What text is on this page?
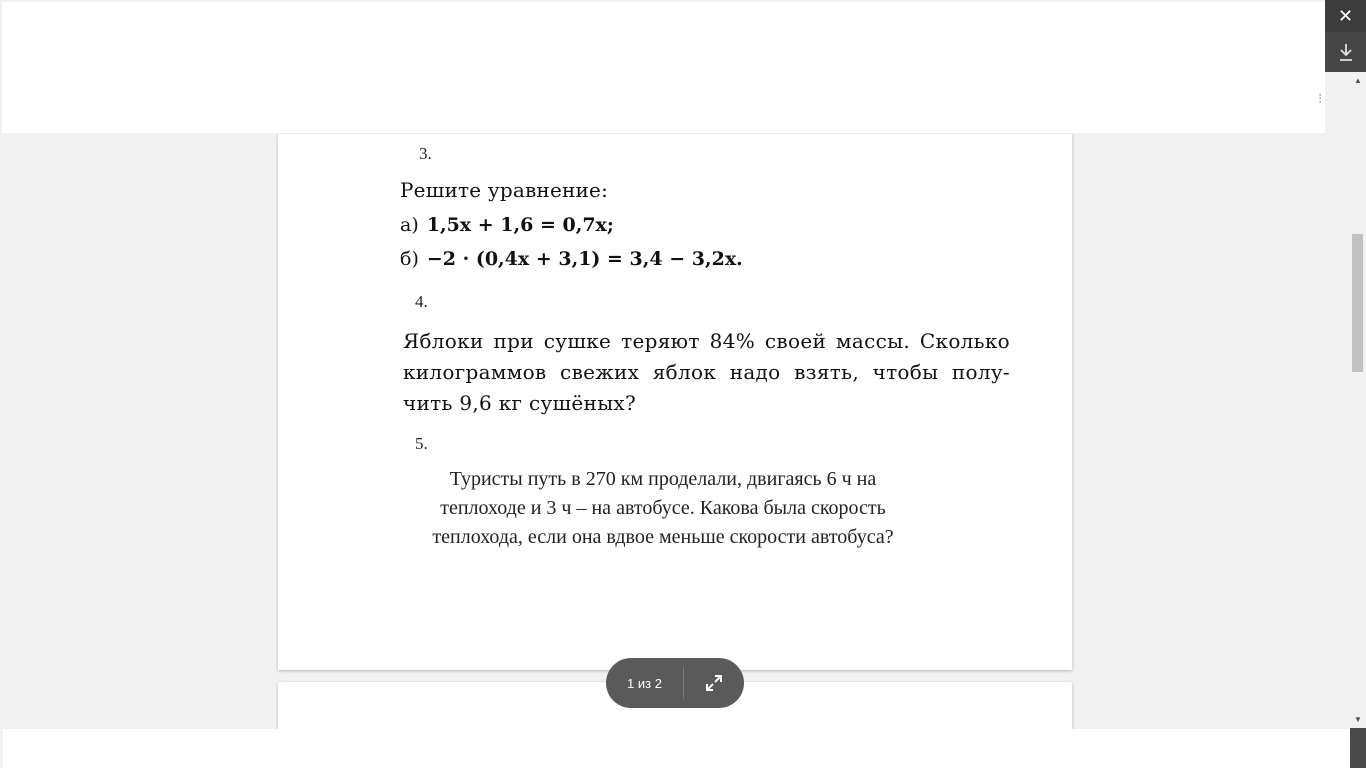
3.
Решите уравнение:
а) 1,5x + 1,6 = 0,7x;
б) −2 · (0,4x + 3,1) = 3,4 − 3,2x.
4.
Яблоки при сушке теряют 84% своей массы. Сколько килограммов свежих яблок надо взять, чтобы полу-чить 9,6 кг сушёных?
5.
Туристы путь в 270 км проделали, двигаясь 6 ч на
теплоходе и 3 ч – на автобусе. Какова была скорость
теплохода, если она вдвое меньше скорости автобуса?
⁝
1 из 2
▲
▼
✕
